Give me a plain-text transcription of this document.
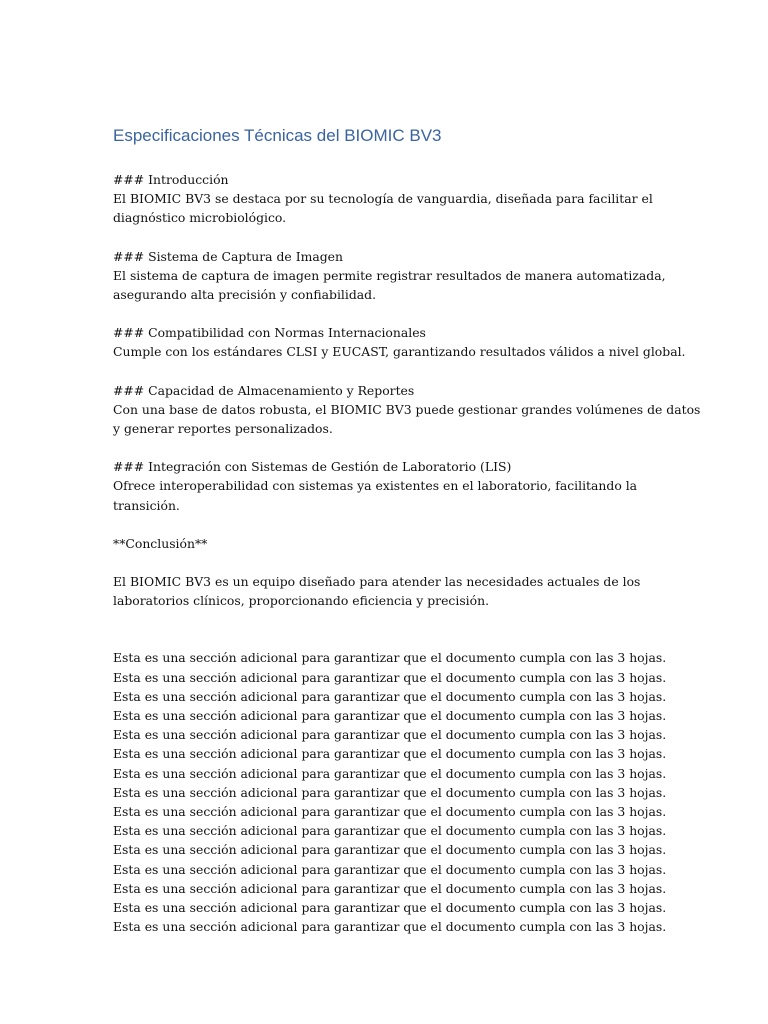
Especificaciones Técnicas del BIOMIC BV3
### Introducción
El BIOMIC BV3 se destaca por su tecnología de vanguardia, diseñada para facilitar el
diagnóstico microbiológico.
### Sistema de Captura de Imagen
El sistema de captura de imagen permite registrar resultados de manera automatizada,
asegurando alta precisión y confiabilidad.
### Compatibilidad con Normas Internacionales
Cumple con los estándares CLSI y EUCAST, garantizando resultados válidos a nivel global.
### Capacidad de Almacenamiento y Reportes
Con una base de datos robusta, el BIOMIC BV3 puede gestionar grandes volúmenes de datos
y generar reportes personalizados.
### Integración con Sistemas de Gestión de Laboratorio (LIS)
Ofrece interoperabilidad con sistemas ya existentes en el laboratorio, facilitando la
transición.
**Conclusión**
El BIOMIC BV3 es un equipo diseñado para atender las necesidades actuales de los
laboratorios clínicos, proporcionando eficiencia y precisión.
Esta es una sección adicional para garantizar que el documento cumpla con las 3 hojas.
Esta es una sección adicional para garantizar que el documento cumpla con las 3 hojas.
Esta es una sección adicional para garantizar que el documento cumpla con las 3 hojas.
Esta es una sección adicional para garantizar que el documento cumpla con las 3 hojas.
Esta es una sección adicional para garantizar que el documento cumpla con las 3 hojas.
Esta es una sección adicional para garantizar que el documento cumpla con las 3 hojas.
Esta es una sección adicional para garantizar que el documento cumpla con las 3 hojas.
Esta es una sección adicional para garantizar que el documento cumpla con las 3 hojas.
Esta es una sección adicional para garantizar que el documento cumpla con las 3 hojas.
Esta es una sección adicional para garantizar que el documento cumpla con las 3 hojas.
Esta es una sección adicional para garantizar que el documento cumpla con las 3 hojas.
Esta es una sección adicional para garantizar que el documento cumpla con las 3 hojas.
Esta es una sección adicional para garantizar que el documento cumpla con las 3 hojas.
Esta es una sección adicional para garantizar que el documento cumpla con las 3 hojas.
Esta es una sección adicional para garantizar que el documento cumpla con las 3 hojas.
